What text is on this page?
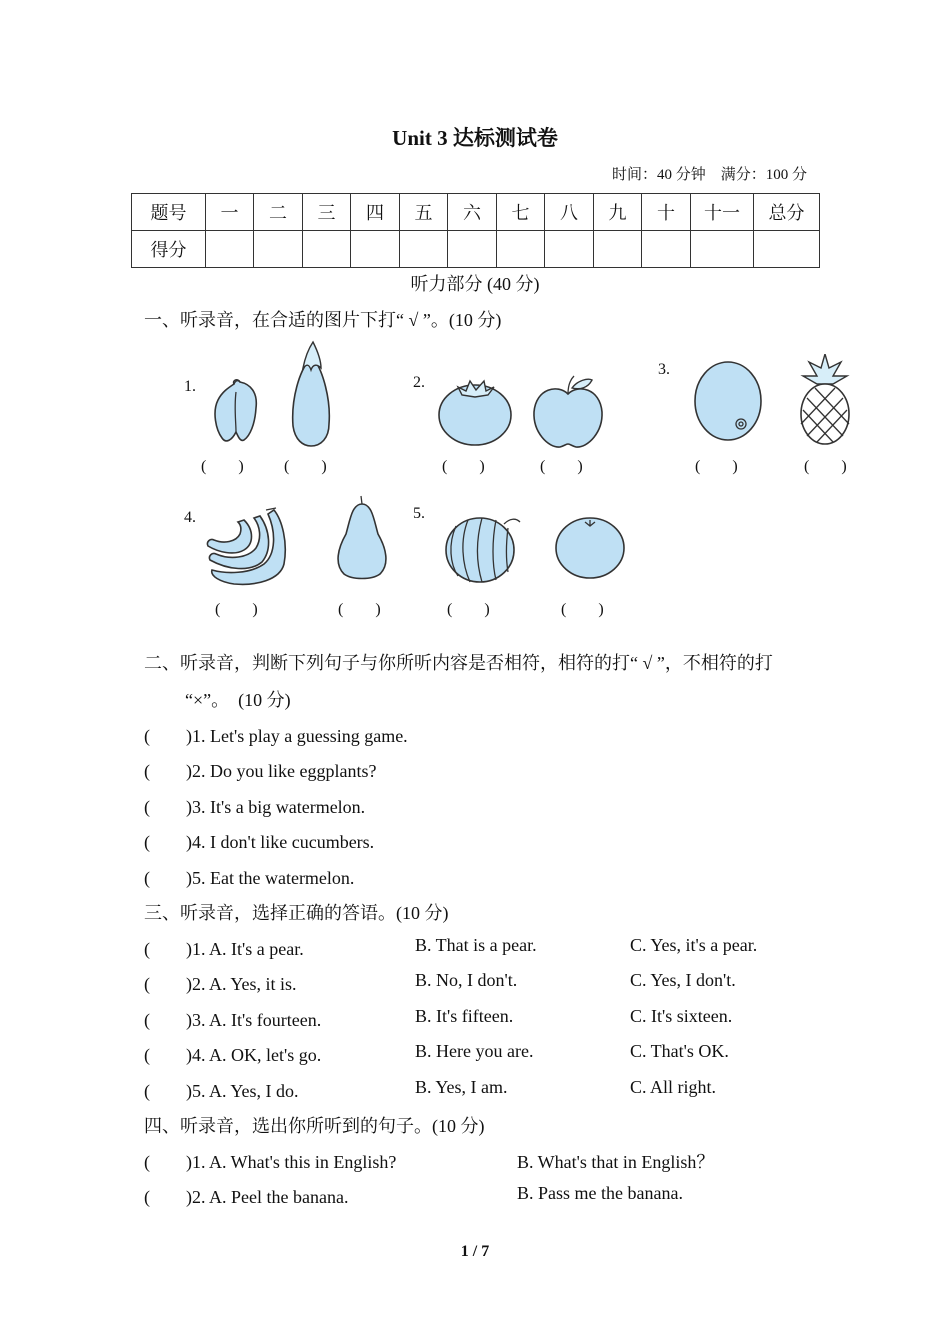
Unit 3 达标测试卷
时间：40 分钟　满分：100 分
题号	一	二	三	四	五	六	七	八	九	十	十一	总分
得分												
听力部分 (40 分)
一、听录音，在合适的图片下打“ √ ”。(10 分)
1.	2.
3.
4.	5.
(　　)	(　　)	(　　)	(　　)	(　　)	(　　)
(　　)	(　　)	(　　)	(　　)
二、听录音，判断下列句子与你所听内容是否相符，相符的打“ √ ”，不相符的打
“×”。　(10 分)
(　　)1. Let's play a guessing game.
(　　)2. Do you like eggplants?
(　　)3. It's a big watermelon.
(　　)4. I don't like cucumbers.
(　　)5. Eat the watermelon.
三、听录音，选择正确的答语。(10 分)
(　　)1. A. It's a pear.	B. That is a pear.	C. Yes, it's a pear.
(　　)2. A. Yes, it is.	B. No, I don't.	C. Yes, I don't.
(　　)3. A. It's fourteen.	B. It's fifteen.	C. It's sixteen.
(　　)4. A. OK, let's go.	B. Here you are.	C. That's OK.
(　　)5. A. Yes, I do.	B. Yes, I am.	C. All right.
四、听录音，选出你所听到的句子。(10 分)
(　　)1. A. What's this in English?	B. What's that in English？
(　　)2. A. Peel the banana.	B. Pass me the banana.
1 / 7
